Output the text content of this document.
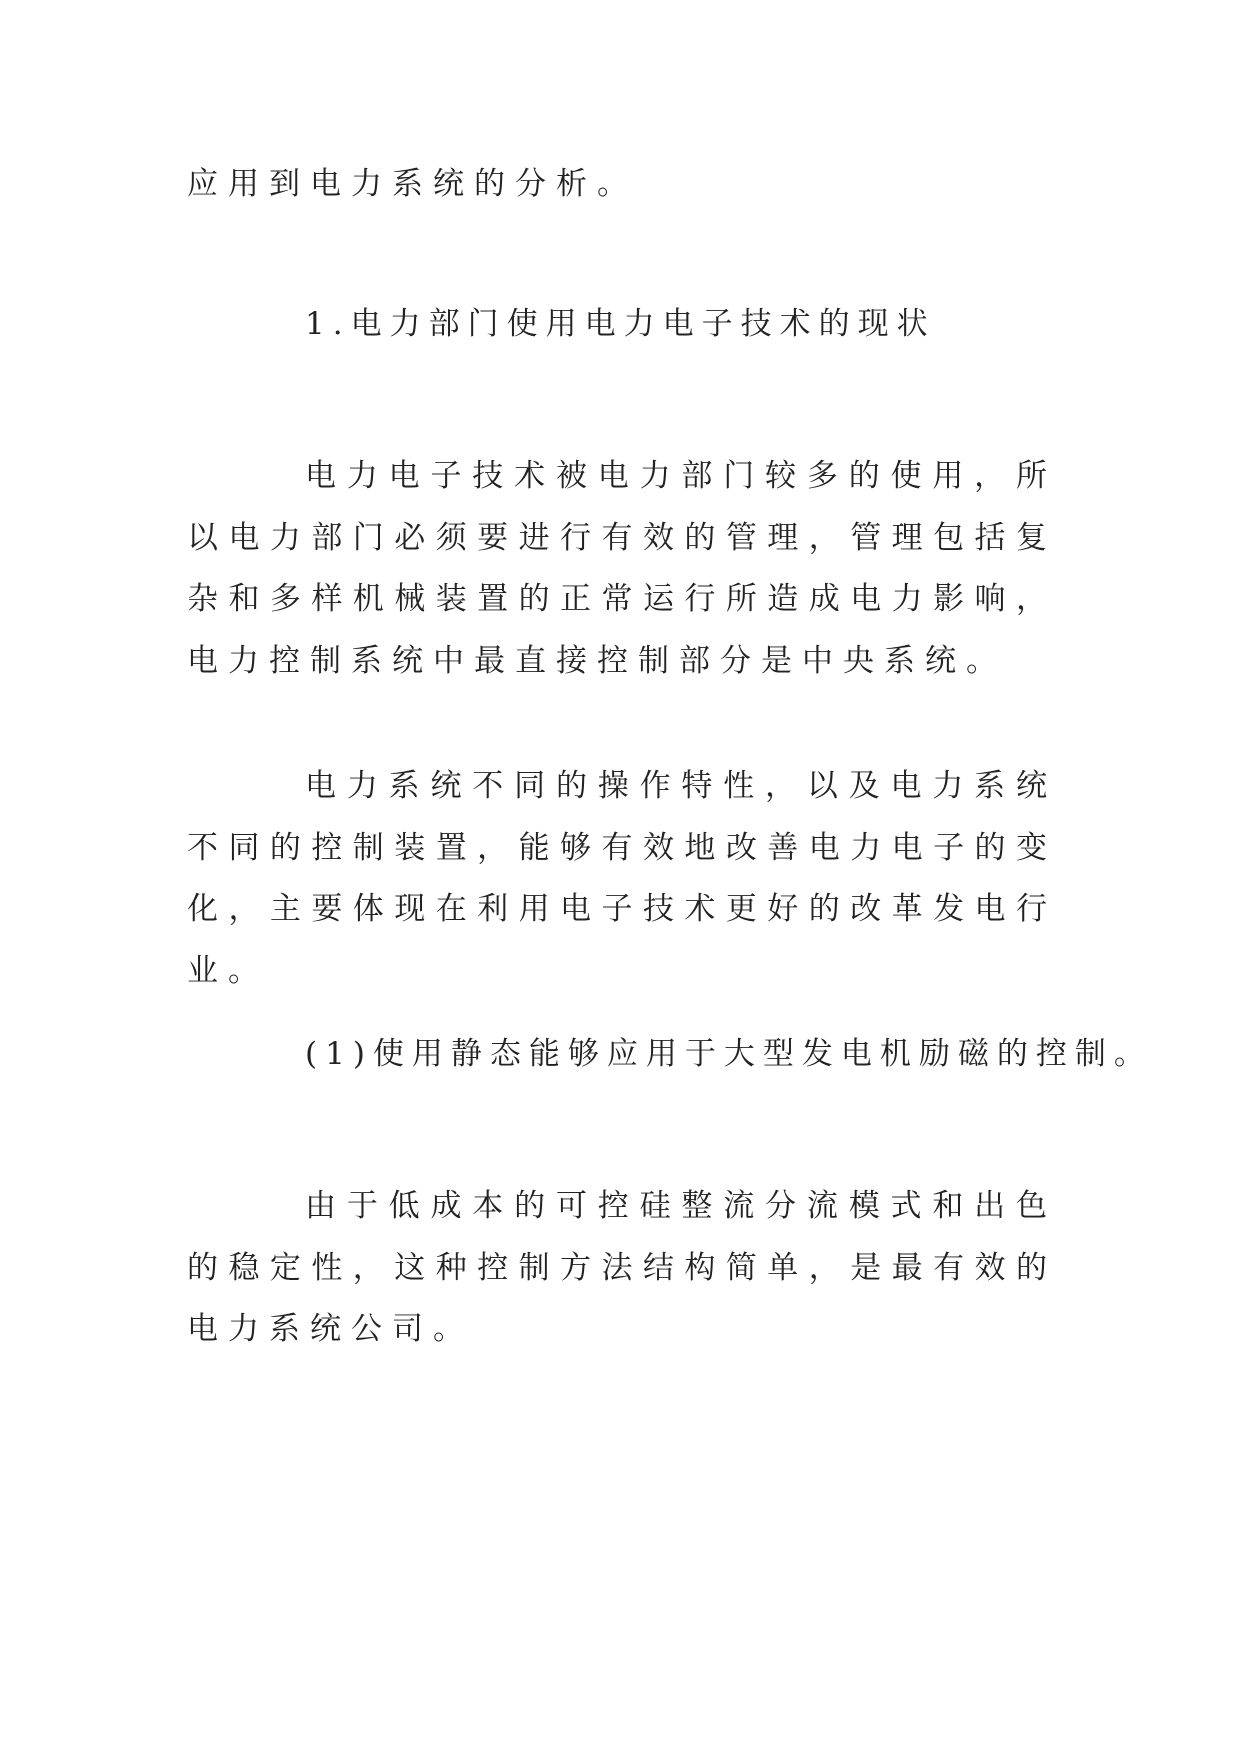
应用到电力系统的分析。

1.电力部门使用电力电子技术的现状

电力电子技术被电力部门较多的使用，所以电力部门必须要进行有效的管理，管理包括复杂和多样机械装置的正常运行所造成电力影响，电力控制系统中最直接控制部分是中央系统。

电力系统不同的操作特性，以及电力系统不同的控制装置，能够有效地改善电力电子的变化，主要体现在利用电子技术更好的改革发电行业。

(1)使用静态能够应用于大型发电机励磁的控制。

由于低成本的可控硅整流分流模式和出色的稳定性，这种控制方法结构简单，是最有效的电力系统公司。
